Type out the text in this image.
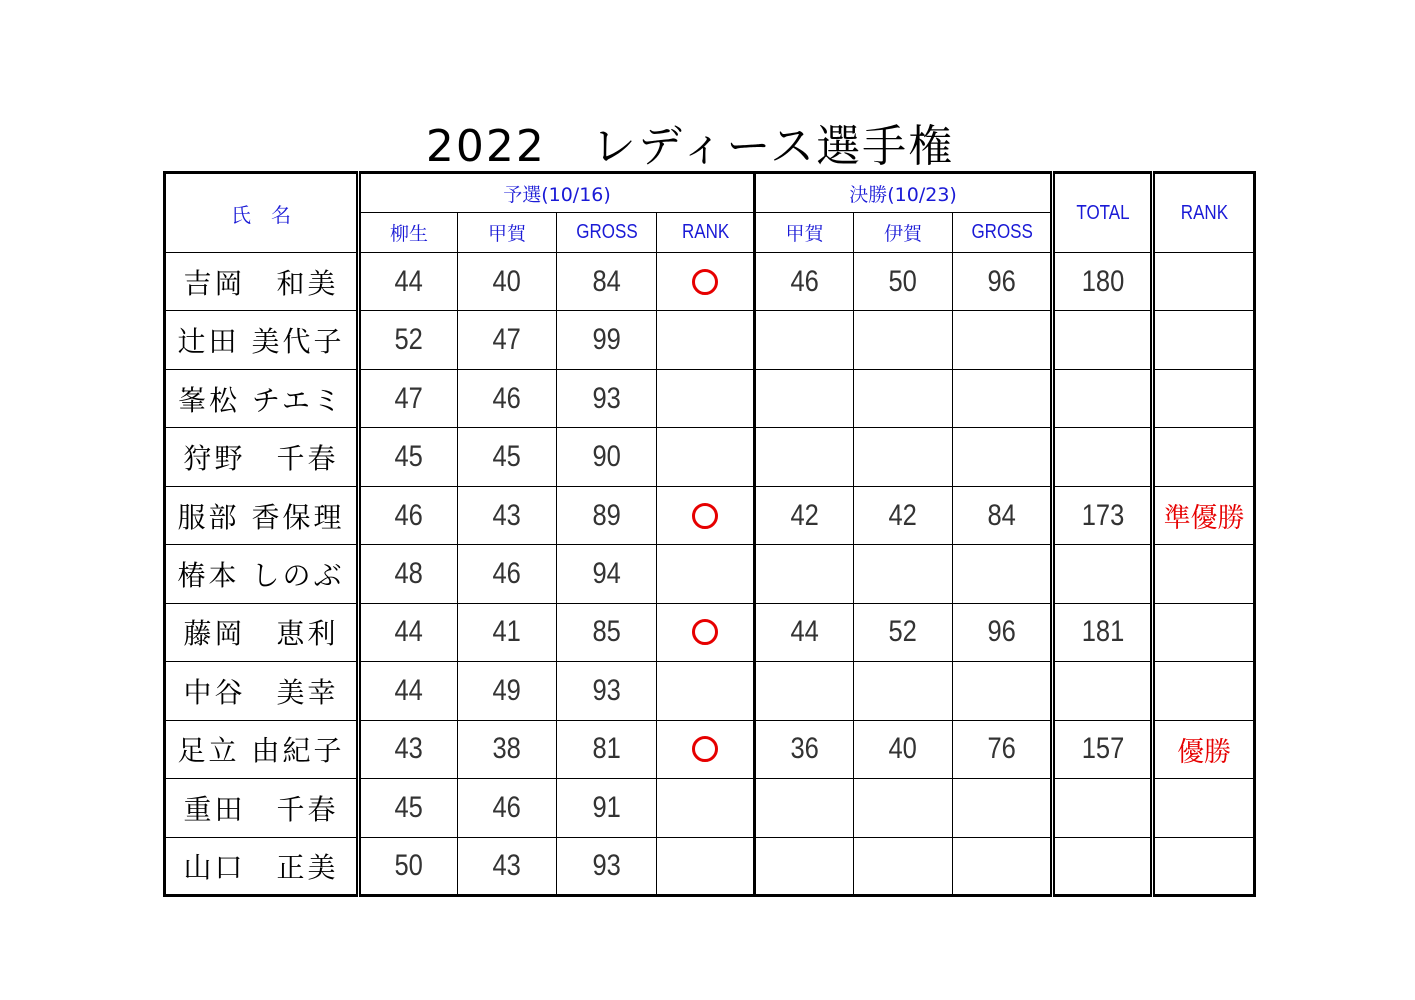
2022　レディース選手権
氏　名	予選(10/16)				決勝(10/23)			TOTAL	RANK
	柳生	甲賀	GROSS	RANK	甲賀	伊賀	GROSS		
吉岡　和美	44	40	84		46	50	96	180	
辻田 美代子	52	47	99						
峯松 チエミ	47	46	93						
狩野　千春	45	45	90						
服部 香保理	46	43	89		42	42	84	173	準優勝
椿本 しのぶ	48	46	94						
藤岡　恵利	44	41	85		44	52	96	181	
中谷　美幸	44	49	93						
足立 由紀子	43	38	81		36	40	76	157	優勝
重田　千春	45	46	91						
山口　正美	50	43	93						
